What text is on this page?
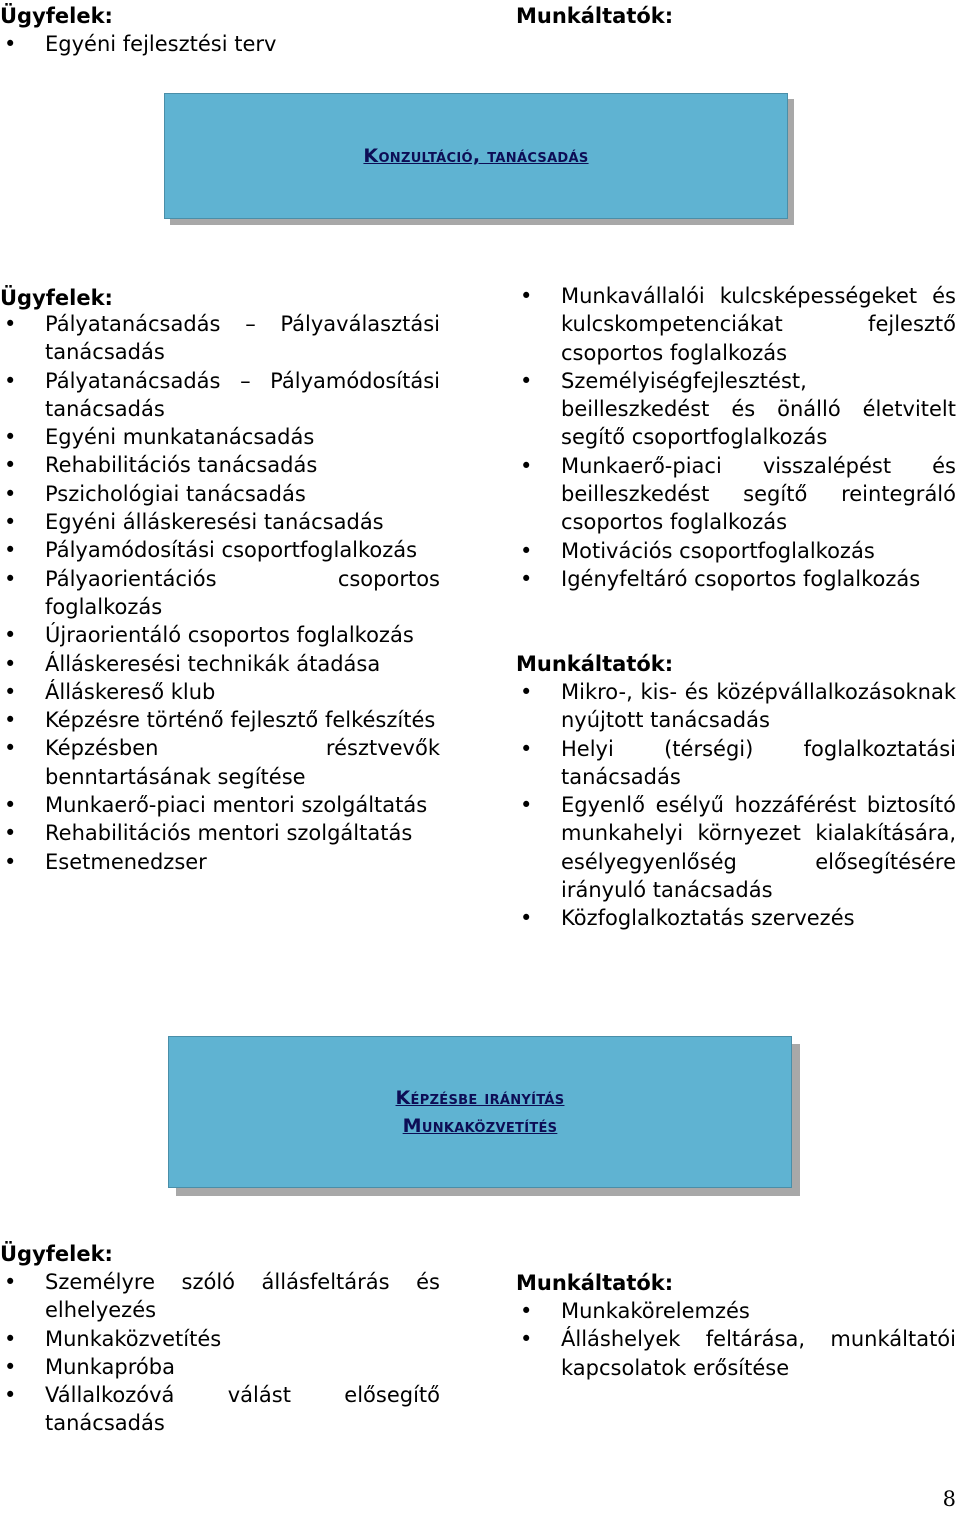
Ügyfelek:	Munkáltatók:
• Egyéni fejlesztési terv
Konzultáció, tanácsadás
Ügyfelek:
• Pályatanácsadás – Pályaválasztási tanácsadás
• Pályatanácsadás – Pályamódosítási tanácsadás
• Egyéni munkatanácsadás
• Rehabilitációs tanácsadás
• Pszichológiai tanácsadás
• Egyéni álláskeresési tanácsadás
• Pályamódosítási csoportfoglalkozás
• Pályaorientációs csoportos foglalkozás
• Újraorientáló csoportos foglalkozás
• Álláskeresési technikák átadása
• Álláskereső klub
• Képzésre történő fejlesztő felkészítés
• Képzésben résztvevők benntartásának segítése
• Munkaerő-piaci mentori szolgáltatás
• Rehabilitációs mentori szolgáltatás
• Esetmenedzser
• Munkavállalói kulcsképességeket és kulcskompetenciákat fejlesztő csoportos foglalkozás
• Személyiségfejlesztést, beilleszkedést és önálló életvitelt segítő csoportfoglalkozás
• Munkaerő-piaci visszalépést és beilleszkedést segítő reintegráló csoportos foglalkozás
• Motivációs csoportfoglalkozás
• Igényfeltáró csoportos foglalkozás
Munkáltatók:
• Mikro-, kis- és középvállalkozásoknak nyújtott tanácsadás
• Helyi (térségi) foglalkoztatási tanácsadás
• Egyenlő esélyű hozzáférést biztosító munkahelyi környezet kialakítására, esélyegyenlőség elősegítésére irányuló tanácsadás
• Közfoglalkoztatás szervezés
Képzésbe irányítás
Munkaközvetítés
Ügyfelek:
• Személyre szóló állásfeltárás és elhelyezés
• Munkaközvetítés
• Munkapróba
• Vállalkozóvá válást elősegítő tanácsadás
Munkáltatók:
• Munkakörelemzés
• Álláshelyek feltárása, munkáltatói kapcsolatok erősítése
8
